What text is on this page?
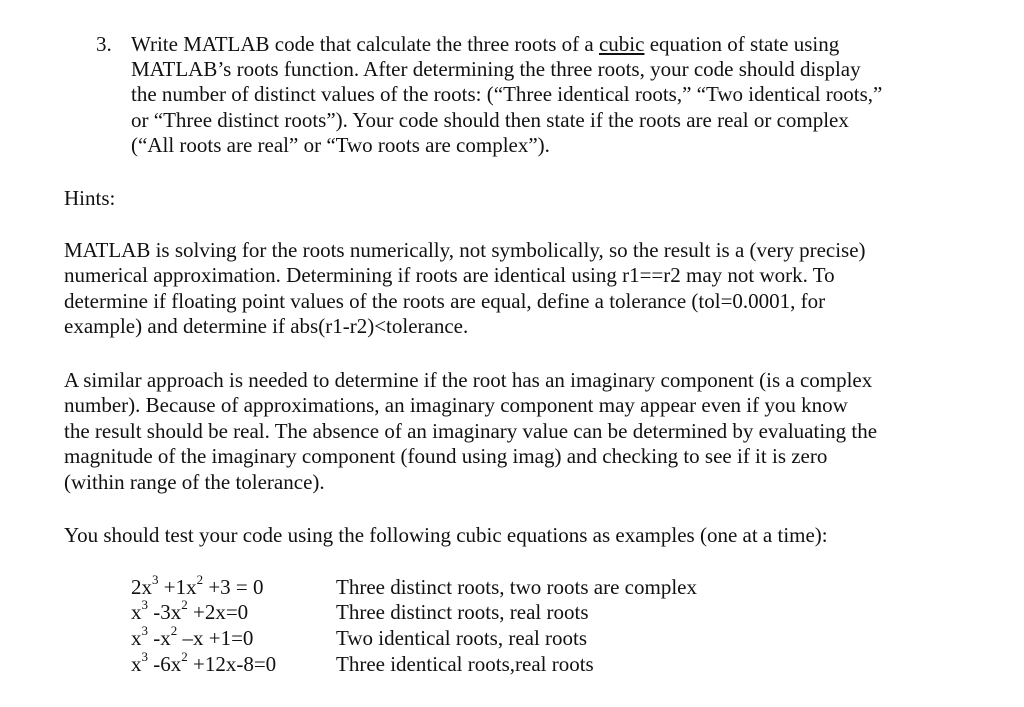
3. Write MATLAB code that calculate the three roots of a cubic equation of state using
MATLAB’s roots function. After determining the three roots, your code should display
the number of distinct values of the roots: (“Three identical roots,” “Two identical roots,”
or “Three distinct roots”). Your code should then state if the roots are real or complex
(“All roots are real” or “Two roots are complex”).
Hints:
MATLAB is solving for the roots numerically, not symbolically, so the result is a (very precise)
numerical approximation. Determining if roots are identical using r1==r2 may not work. To
determine if floating point values of the roots are equal, define a tolerance (tol=0.0001, for
example) and determine if abs(r1-r2)<tolerance.
A similar approach is needed to determine if the root has an imaginary component (is a complex
number). Because of approximations, an imaginary component may appear even if you know
the result should be real. The absence of an imaginary value can be determined by evaluating the
magnitude of the imaginary component (found using imag) and checking to see if it is zero
(within range of the tolerance).
You should test your code using the following cubic equations as examples (one at a time):
$2x^3 +1x^2 +3 = 0$	Three distinct roots, two roots are complex
$x^3$ $-3x^2 +2x=0$	Three distinct roots, real roots
$x^3$ $-x^2$ –x +1=0	Two identical roots, real roots
$x^3$ $-6x^2 +12x-8=0$	Three identical roots,real roots
